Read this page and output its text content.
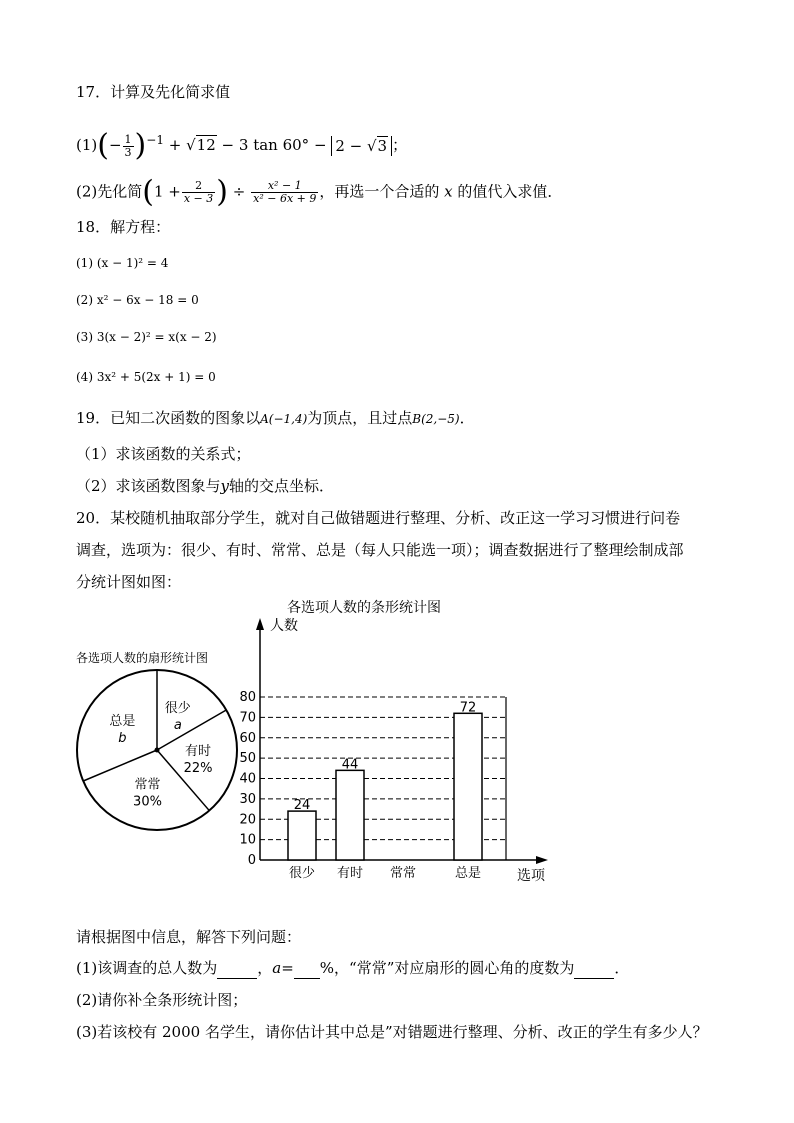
17．计算及先化简求值
$(1)(- \frac{1}{3} )^{-1} + √12 - 3$ tan 60° − 2 − √3 ；
(2)先化简($1 + \frac{2}{x - 3}$ ) ÷ $\frac{\text{x² − 1}}{\text{x² − 6x + 9}}$ ，再选一个合适的 x 的值代入求值．
18．解方程：
(1) (x − 1)² = 4
(2) x² − 6x − 18 = 0
(3) 3(x − 2)² = x(x − 2)
(4) 3x² + 5(2x + 1) = 0
19．已知二次函数的图象以A(−1,4)为顶点，且过点B(2,−5)．
（1）求该函数的关系式；
（2）求该函数图象与y轴的交点坐标．
20．某校随机抽取部分学生，就对自己做错题进行整理、分析、改正这一学习习惯进行问卷
调查，选项为：很少、有时、常常、总是（每人只能选一项）；调查数据进行了整理绘制成部
分统计图如图：
各选项人数的扇形统计图
很少
a
有时
22%
常常
30%
总是
b
各选项人数的条形统计图
人数
选项
0
10
20
30
40
50
60
70
80
很少
24
有时
44
常常	总是
72
请根据图中信息，解答下列问题：
(1)该调查的总人数为	，a= %，“常常”对应扇形的圆心角的度数为	．
(2)请你补全条形统计图；
(3)若该校有 2000 名学生，请你估计其中总是”对错题进行整理、分析、改正的学生有多少人？
